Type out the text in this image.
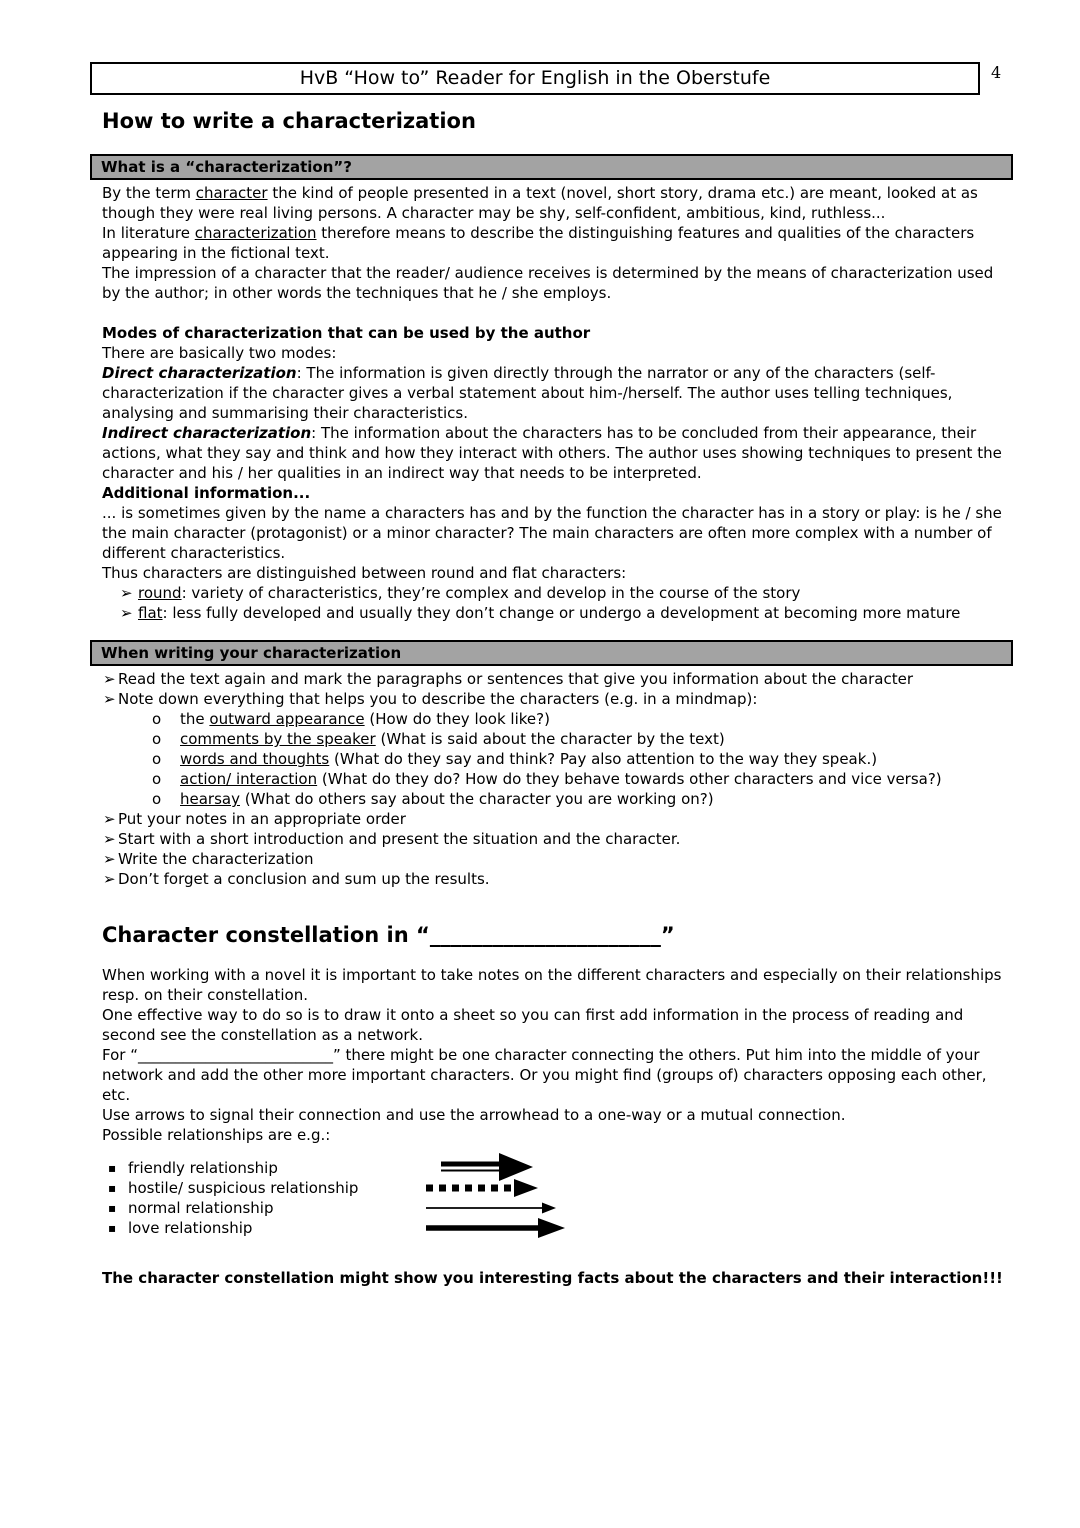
HvB “How to” Reader for English in the Oberstufe	4
How to write a characterization
What is a “characterization”?

By the term character the kind of people presented in a text (novel, short story, drama etc.) are meant, looked at as though they were real living persons. A character may be shy, self-confident, ambitious, kind, ruthless...

In literature characterization therefore means to describe the distinguishing features and qualities of the characters appearing in the fictional text.

The impression of a character that the reader/ audience receives is determined by the means of characterization used by the author; in other words the techniques that he / she employs.

Modes of characterization that can be used by the author

There are basically two modes:

Direct characterization: The information is given directly through the narrator or any of the characters (self-characterization if the character gives a verbal statement about him-/herself. The author uses telling techniques, analysing and summarising their characteristics.

Indirect characterization: The information about the characters has to be concluded from their appearance, their actions, what they say and think and how they interact with others. The author uses showing techniques to present the character and his / her qualities in an indirect way that needs to be interpreted.

Additional information...

... is sometimes given by the name a characters has and by the function the character has in a story or play: is he / she the main character (protagonist) or a minor character? The main characters are often more complex with a number of different characteristics.

Thus characters are distinguished between round and flat characters:

➢ round: variety of characteristics, they’re complex and develop in the course of the story
➢ flat: less fully developed and usually they don’t change or undergo a development at becoming more mature
When writing your characterization
➢ Read the text again and mark the paragraphs or sentences that give you information about the character
➢ Note down everything that helps you to describe the characters (e.g. in a mindmap):
o	the outward appearance (How do they look like?)
o	comments by the speaker (What is said about the character by the text)
o	words and thoughts (What do they say and think? Pay also attention to the way they speak.)
o	action/ interaction (What do they do? How do they behave towards other characters and vice versa?)
o	hearsay (What do others say about the character you are working on?)
➢ Put your notes in an appropriate order
➢ Start with a short introduction and present the situation and the character.
➢ Write the characterization
➢ Don’t forget a conclusion and sum up the results.
Character constellation in “______________________”

When working with a novel it is important to take notes on the different characters and especially on their relationships resp. on their constellation.

One effective way to do so is to draw it onto a sheet so you can first add information in the process of reading and second see the constellation as a network.

For “__________________________” there might be one character connecting the others. Put him into the middle of your network and add the other more important characters. Or you might find (groups of) characters opposing each other, etc.

Use arrows to signal their connection and use the arrowhead to a one-way or a mutual connection.

Possible relationships are e.g.:

▪ friendly relationship
▪ hostile/ suspicious relationship
▪ normal relationship
▪ love relationship
The character constellation might show you interesting facts about the characters and their interaction!!!
